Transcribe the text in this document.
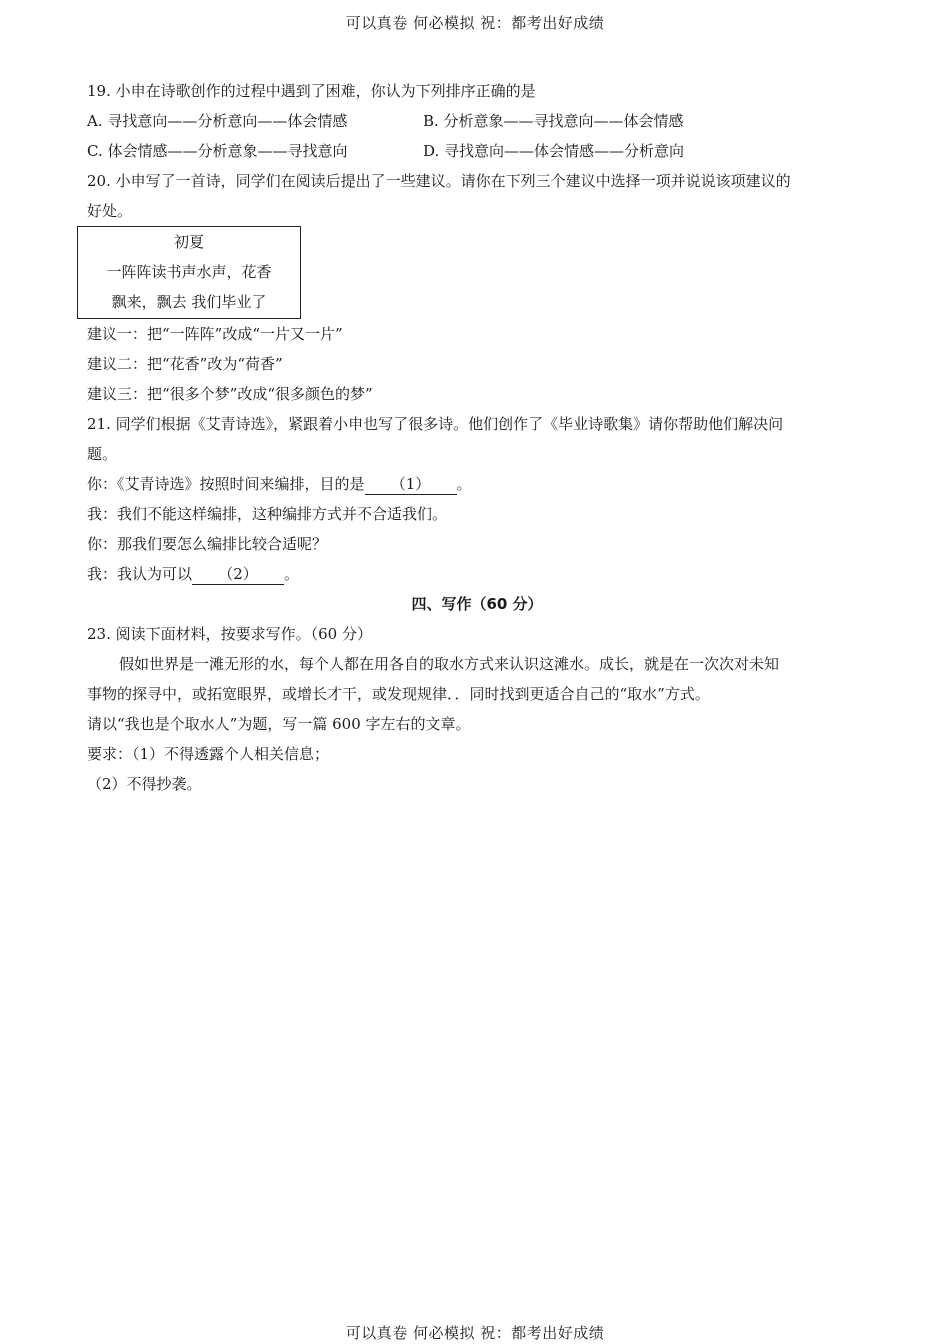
可以真卷 何必模拟 祝：都考出好成绩
19. 小申在诗歌创作的过程中遇到了困难，你认为下列排序正确的是
A. 寻找意向——分析意向——体会情感	B. 分析意象——寻找意向——体会情感
C. 体会情感——分析意象——寻找意向	D. 寻找意向——体会情感——分析意向
20. 小申写了一首诗，同学们在阅读后提出了一些建议。请你在下列三个建议中选择一项并说说该项建议的
好处。
初夏
一阵阵读书声水声，花香
飘来，飘去 我们毕业了
建议一：把“一阵阵”改成“一片又一片”
建议二：把“花香”改为“荷香”
建议三：把“很多个梦”改成“很多颜色的梦”
21. 同学们根据《艾青诗选》，紧跟着小申也写了很多诗。他们创作了《毕业诗歌集》请你帮助他们解决问
题。
你：《艾青诗选》按照时间来编排，目的是 （1） 。
我：我们不能这样编排，这种编排方式并不合适我们。
你：那我们要怎么编排比较合适呢？
我：我认为可以 （2） 。
四、写作（60 分）
23. 阅读下面材料，按要求写作。（60 分）
假如世界是一滩无形的水，每个人都在用各自的取水方式来认识这滩水。成长，就是在一次次对未知
事物的探寻中，或拓宽眼界，或增长才干，或发现规律．．同时找到更适合自己的“取水”方式。
请以“我也是个取水人”为题，写一篇 600 字左右的文章。
要求：（1）不得透露个人相关信息；
（2）不得抄袭。
可以真卷 何必模拟 祝：都考出好成绩
